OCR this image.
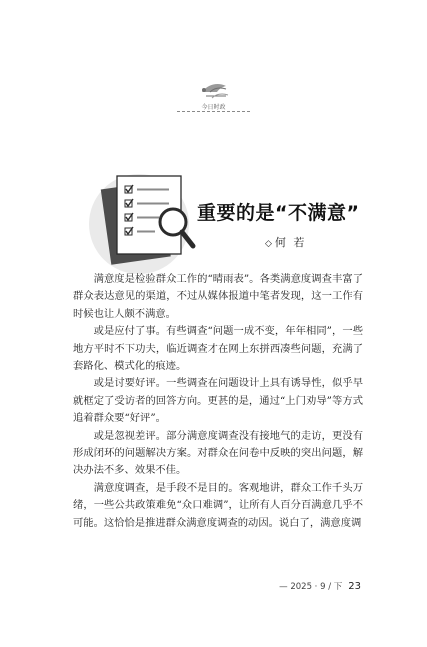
今日时政
重要的是“不满意”
◇ 何 若

满意度是检验群众工作的“晴雨表”。各类满意度调查丰富了群众表达意见的渠道，不过从媒体报道中笔者发现，这一工作有时候也让人颇不满意。

或是应付了事。有些调查“问题一成不变，年年相同”，一些地方平时不下功夫，临近调查才在网上东拼西凑些问题，充满了套路化、模式化的痕迹。

或是讨要好评。一些调查在问题设计上具有诱导性，似乎早就框定了受访者的回答方向。更甚的是，通过“上门劝导”等方式追着群众要“好评”。

或是忽视差评。部分满意度调查没有接地气的走访，更没有形成闭环的问题解决方案。对群众在问卷中反映的突出问题，解决办法不多、效果不佳。

满意度调查，是手段不是目的。客观地讲，群众工作千头万绪，一些公共政策难免“众口难调”，让所有人百分百满意几乎不可能。这恰恰是推进群众满意度调查的动因。说白了，满意度调

— 2025 · 9 / 下 23
